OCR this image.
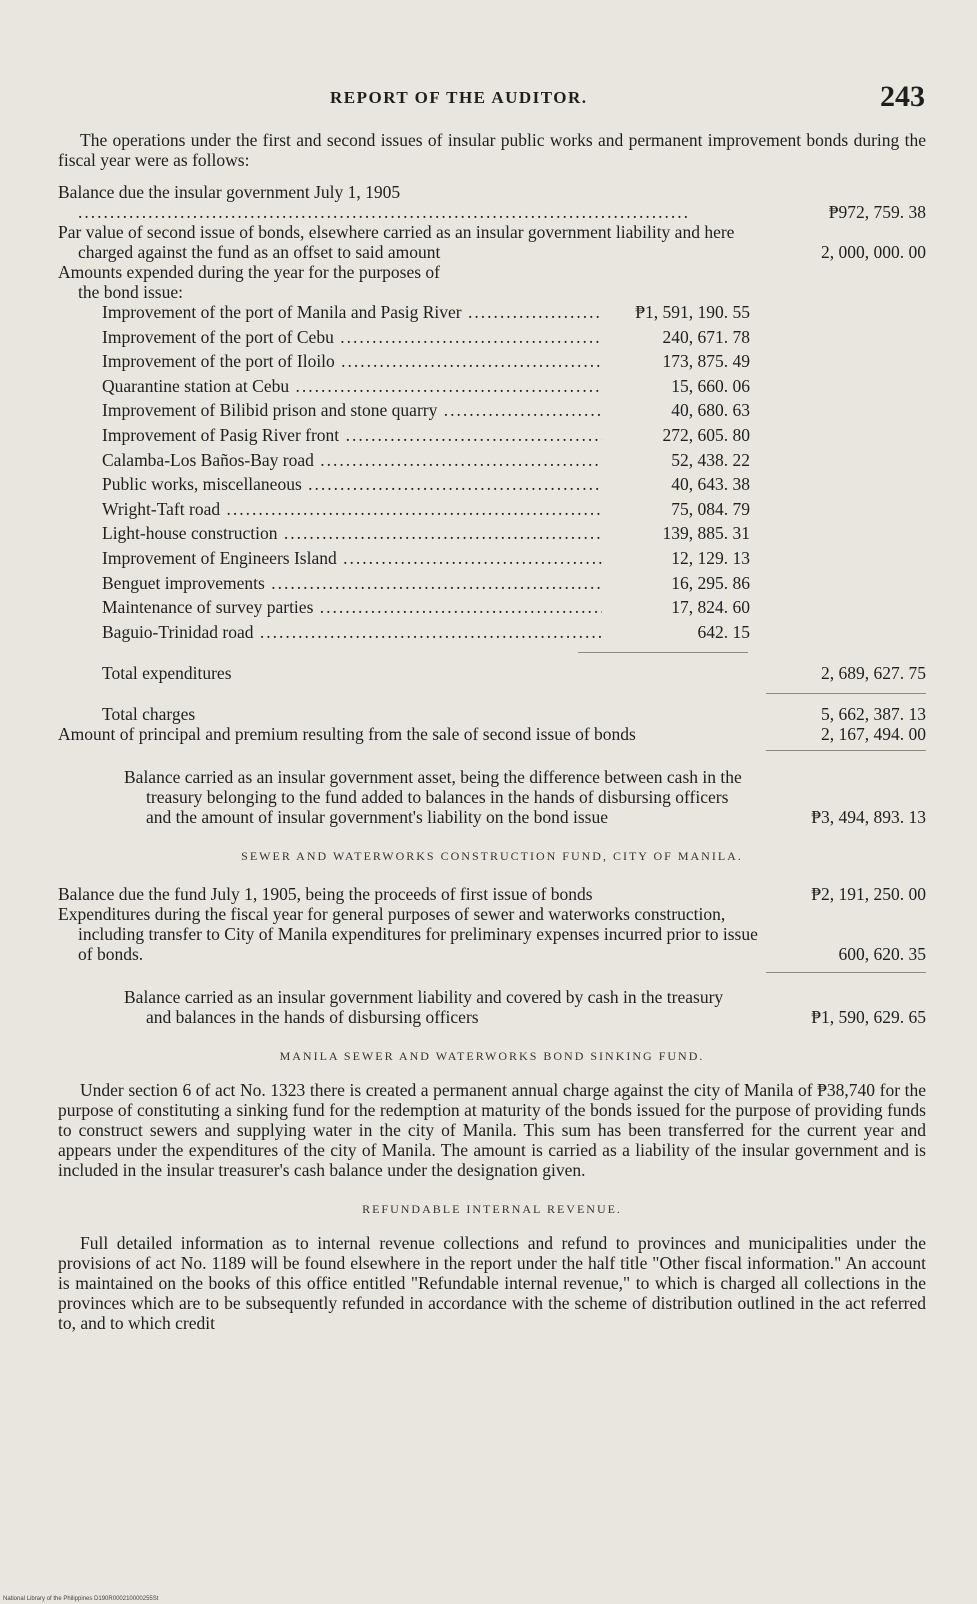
REPORT OF THE AUDITOR.	243

The operations under the first and second issues of insular public works and permanent improvement bonds during the fiscal year were as follows:

Balance due the insular government July 1, 1905 .....
₱972, 759. 38
Par value of second issue of bonds, elsewhere carried as an insular government liability and here charged against the fund as an offset to said amount	2, 000, 000. 00
Amounts expended during the year for the purposes of
the bond issue:
Improvement of the port of Manila and Pasig River .....	₱1, 591, 190. 55
Improvement of the port of Cebu .....	240, 671. 78
Improvement of the port of Iloilo .....	173, 875. 49
Quarantine station at Cebu .....	15, 660. 06
Improvement of Bilibid prison and stone quarry .....	40, 680. 63
Improvement of Pasig River front .....	272, 605. 80
Calamba-Los Baños-Bay road .....	52, 438. 22
Public works, miscellaneous .....	40, 643. 38
Wright-Taft road .....	75, 084. 79
Light-house construction .....	139, 885. 31
Improvement of Engineers Island .....	12, 129. 13
Benguet improvements .....	16, 295. 86
Maintenance of survey parties .....	17, 824. 60
Baguio-Trinidad road .....	642. 15
Total expenditures	2, 689, 627. 75
Total charges	5, 662, 387. 13
Amount of principal and premium resulting from the sale of second issue of bonds	2, 167, 494. 00
Balance carried as an insular government asset, being the difference between cash in the treasury belonging to the fund added to balances in the hands of disbursing officers and the amount of insular government's liability on the bond issue	₱3, 494, 893. 13
SEWER AND WATERWORKS CONSTRUCTION FUND, CITY OF MANILA.
Balance due the fund July 1, 1905, being the proceeds of first issue of bonds	₱2, 191, 250. 00
Expenditures during the fiscal year for general purposes of sewer and waterworks construction, including transfer to City of Manila expenditures for preliminary expenses incurred prior to issue of bonds.	600, 620. 35
Balance carried as an insular government liability and covered by cash in the treasury and balances in the hands of disbursing officers	₱1, 590, 629. 65
MANILA SEWER AND WATERWORKS BOND SINKING FUND.

Under section 6 of act No. 1323 there is created a permanent annual charge against the city of Manila of ₱38,740 for the purpose of constituting a sinking fund for the redemption at maturity of the bonds issued for the purpose of providing funds to construct sewers and supplying water in the city of Manila. This sum has been transferred for the current year and appears under the expenditures of the city of Manila. The amount is carried as a liability of the insular government and is included in the insular treasurer's cash balance under the designation given.

REFUNDABLE INTERNAL REVENUE.

Full detailed information as to internal revenue collections and refund to provinces and municipalities under the provisions of act No. 1189 will be found elsewhere in the report under the half title "Other fiscal information." An account is maintained on the books of this office entitled "Refundable internal revenue," to which is charged all collections in the provinces which are to be subsequently refunded in accordance with the scheme of distribution outlined in the act referred to, and to which credit

National Library of the Philippines D190R000210000255St
